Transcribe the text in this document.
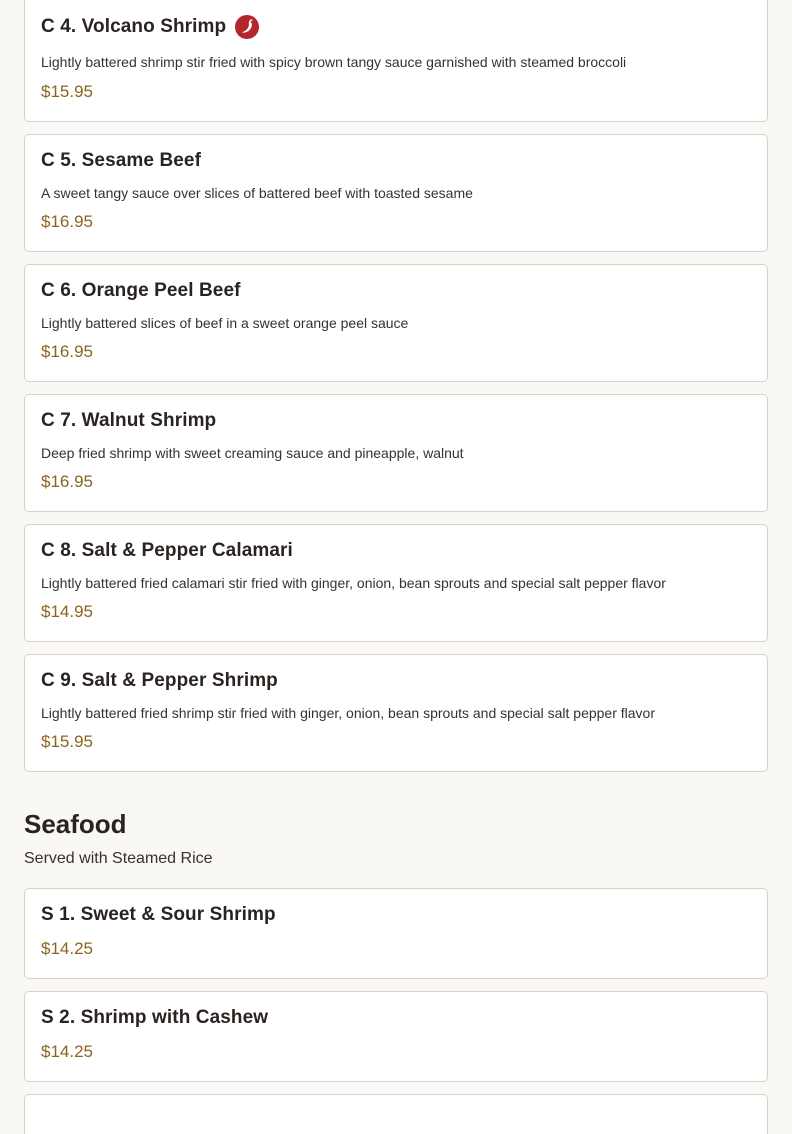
C 4. Volcano Shrimp
Lightly battered shrimp stir fried with spicy brown tangy sauce garnished with steamed broccoli
$15.95
C 5. Sesame Beef
A sweet tangy sauce over slices of battered beef with toasted sesame
$16.95
C 6. Orange Peel Beef
Lightly battered slices of beef in a sweet orange peel sauce
$16.95
C 7. Walnut Shrimp
Deep fried shrimp with sweet creaming sauce and pineapple, walnut
$16.95
C 8. Salt & Pepper Calamari
Lightly battered fried calamari stir fried with ginger, onion, bean sprouts and special salt pepper flavor
$14.95
C 9. Salt & Pepper Shrimp
Lightly battered fried shrimp stir fried with ginger, onion, bean sprouts and special salt pepper flavor
$15.95
Seafood
Served with Steamed Rice
S 1. Sweet & Sour Shrimp
$14.25
S 2. Shrimp with Cashew
$14.25
